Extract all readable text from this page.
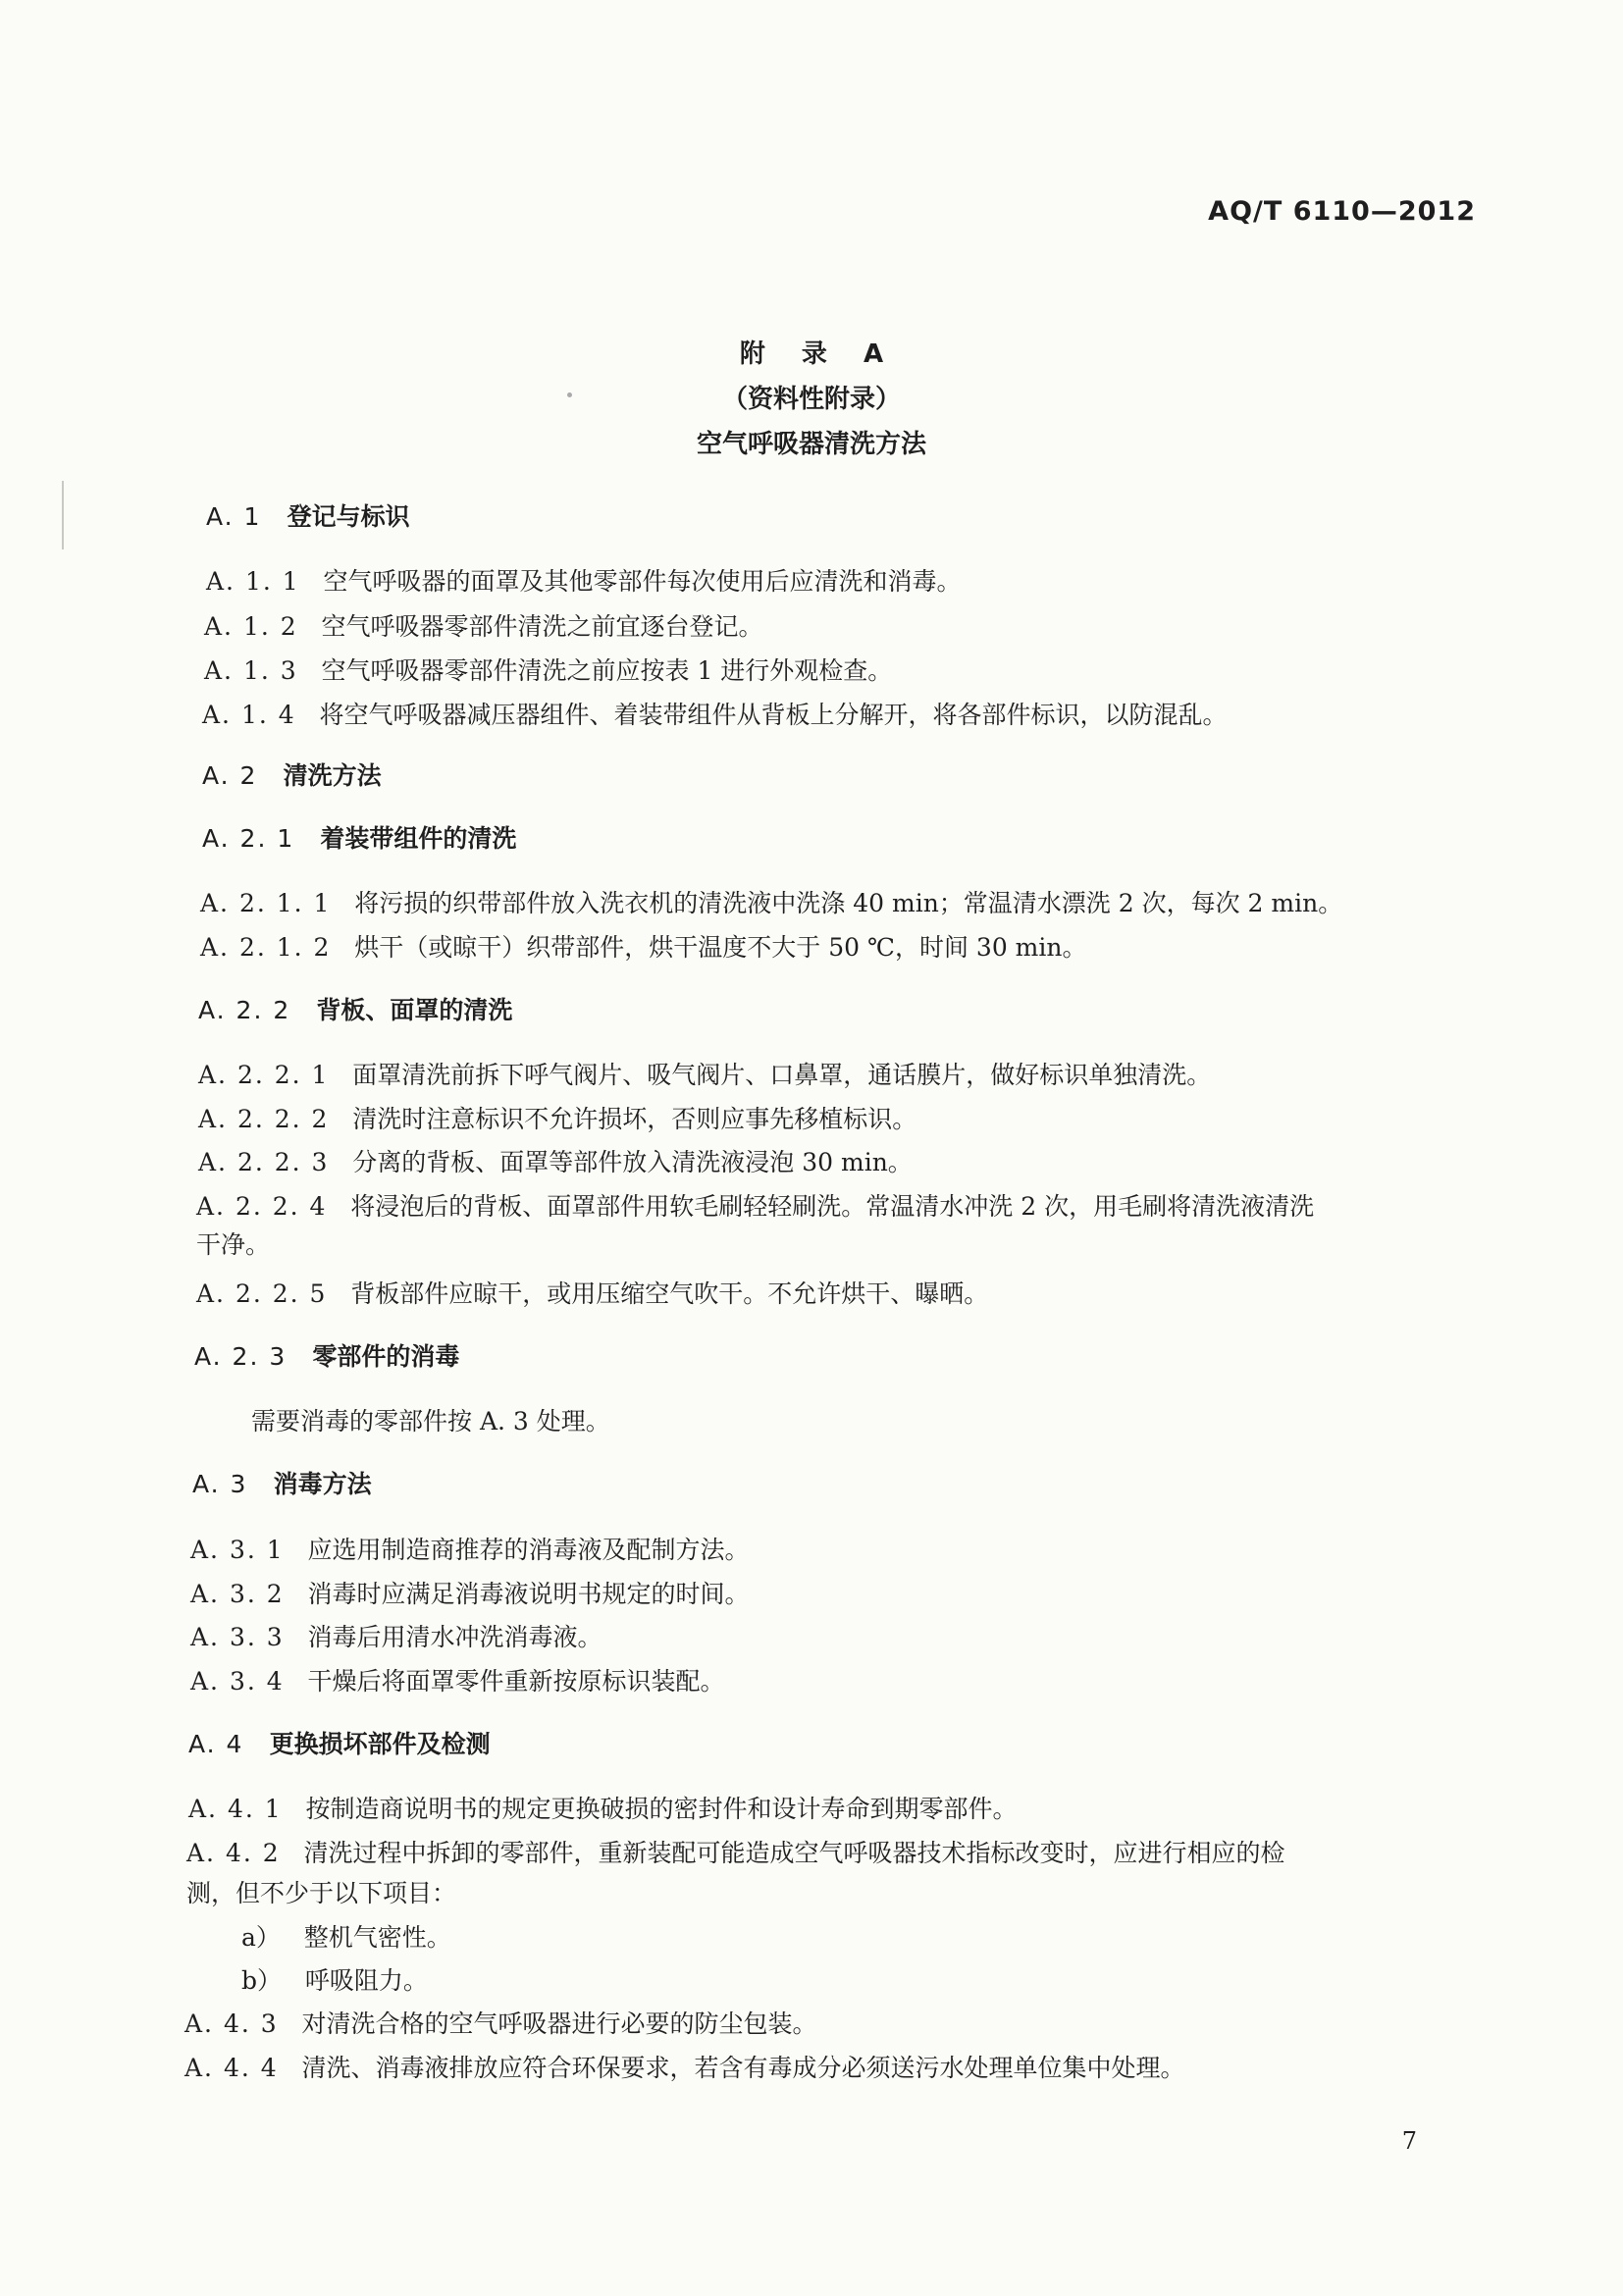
AQ/T 6110—2012
附 录 A
（资料性附录）
空气呼吸器清洗方法
A. 1 登记与标识
A. 1. 1 空气呼吸器的面罩及其他零部件每次使用后应清洗和消毒。
A. 1. 2 空气呼吸器零部件清洗之前宜逐台登记。
A. 1. 3 空气呼吸器零部件清洗之前应按表 1 进行外观检查。
A. 1. 4 将空气呼吸器减压器组件、着装带组件从背板上分解开，将各部件标识，以防混乱。
A. 2 清洗方法
A. 2. 1 着装带组件的清洗
A. 2. 1. 1 将污损的织带部件放入洗衣机的清洗液中洗涤 40 min；常温清水漂洗 2 次，每次 2 min。
A. 2. 1. 2 烘干（或晾干）织带部件，烘干温度不大于 50 ℃，时间 30 min。
A. 2. 2 背板、面罩的清洗
A. 2. 2. 1 面罩清洗前拆下呼气阀片、吸气阀片、口鼻罩，通话膜片，做好标识单独清洗。
A. 2. 2. 2 清洗时注意标识不允许损坏，否则应事先移植标识。
A. 2. 2. 3 分离的背板、面罩等部件放入清洗液浸泡 30 min。
A. 2. 2. 4 将浸泡后的背板、面罩部件用软毛刷轻轻刷洗。常温清水冲洗 2 次，用毛刷将清洗液清洗
干净。
A. 2. 2. 5 背板部件应晾干，或用压缩空气吹干。不允许烘干、曝晒。
A. 2. 3 零部件的消毒
需要消毒的零部件按 A. 3 处理。
A. 3 消毒方法
A. 3. 1 应选用制造商推荐的消毒液及配制方法。
A. 3. 2 消毒时应满足消毒液说明书规定的时间。
A. 3. 3 消毒后用清水冲洗消毒液。
A. 3. 4 干燥后将面罩零件重新按原标识装配。
A. 4 更换损坏部件及检测
A. 4. 1 按制造商说明书的规定更换破损的密封件和设计寿命到期零部件。
A. 4. 2 清洗过程中拆卸的零部件，重新装配可能造成空气呼吸器技术指标改变时，应进行相应的检
测，但不少于以下项目：
a） 整机气密性。
b） 呼吸阻力。
A. 4. 3 对清洗合格的空气呼吸器进行必要的防尘包装。
A. 4. 4 清洗、消毒液排放应符合环保要求，若含有毒成分必须送污水处理单位集中处理。
7
